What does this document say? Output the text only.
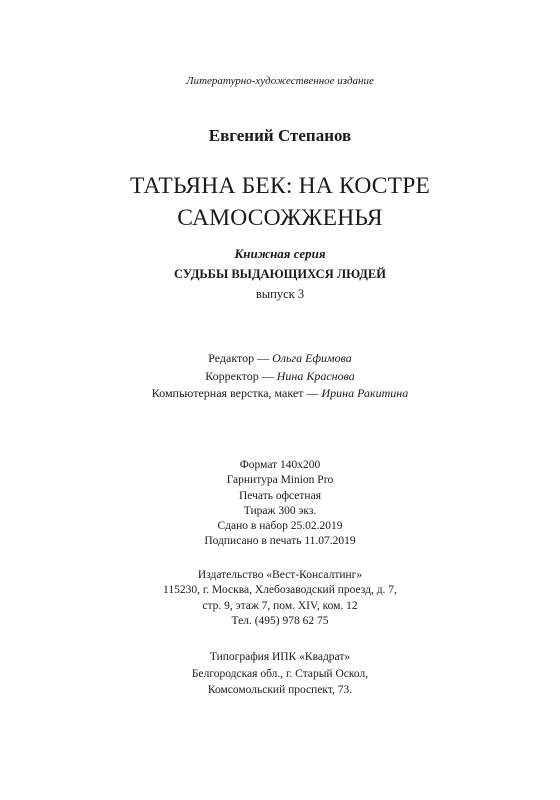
Литературно-художественное издание

Евгений Степанов

ТАТЬЯНА БЕК: НА КОСТРЕ
САМОСОЖЖЕНЬЯ

Книжная серия

СУДЬБЫ ВЫДАЮЩИХСЯ ЛЮДЕЙ

выпуск 3

Редактор — Ольга Ефимова
Корректор — Нина Краснова
Компьютерная верстка, макет — Ирина Ракитина
Формат 140х200
Гарнитура Minion Pro
Печать офсетная
Тираж 300 экз.
Сдано в набор 25.02.2019
Подписано в печать 11.07.2019
Издательство «Вест-Консалтинг»
115230, г. Москва, Хлебозаводский проезд, д. 7,
стр. 9, этаж 7, пом. XIV, ком. 12
Тел. (495) 978 62 75
Типография ИПК «Квадрат»
Белгородская обл., г. Старый Оскол,
Комсомольский проспект, 73.
